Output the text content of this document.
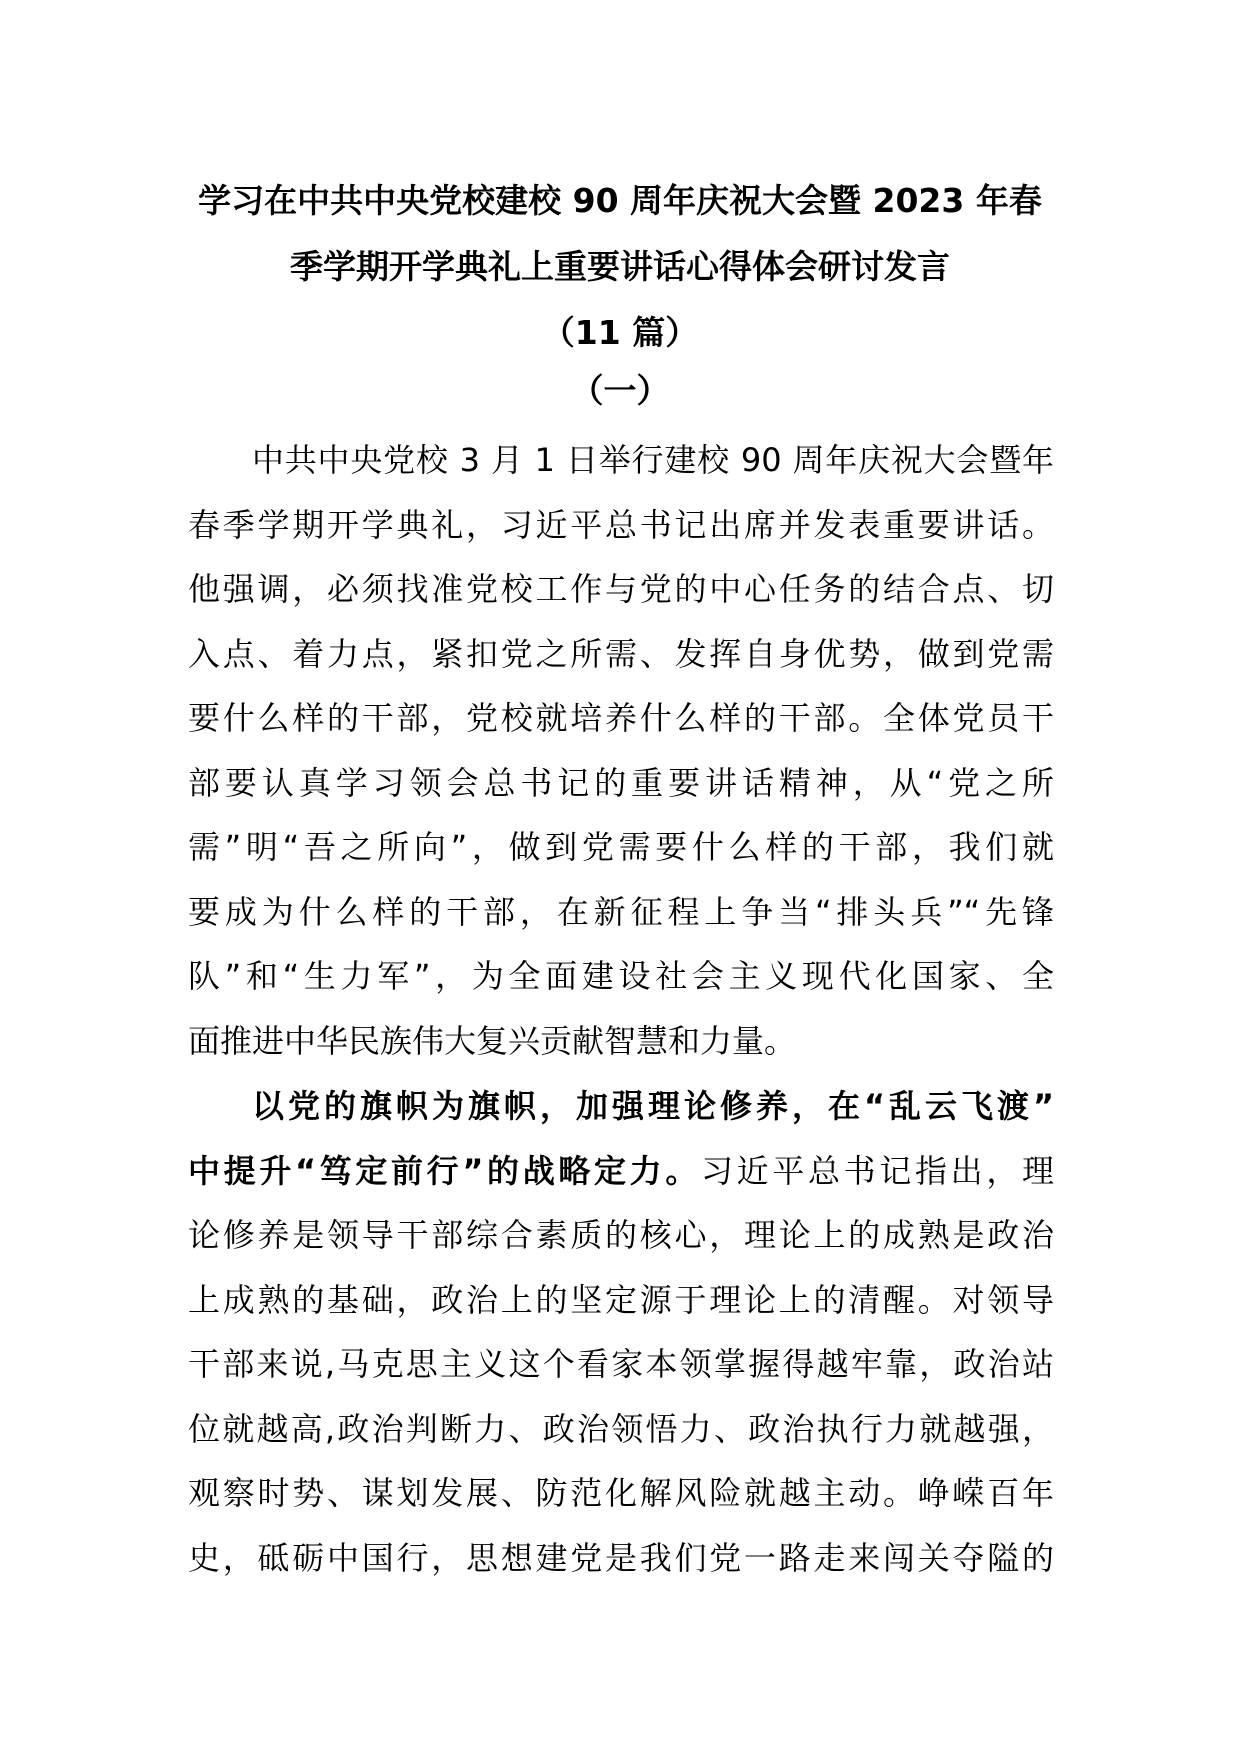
学习在中共中央党校建校 90 周年庆祝大会暨 2023 年春
季学期开学典礼上重要讲话心得体会研讨发言
（11 篇）
（一）
中共中央党校 3 月 1 日举行建校 90 周年庆祝大会暨年
春季学期开学典礼，习近平总书记出席并发表重要讲话。
他强调，必须找准党校工作与党的中心任务的结合点、切
入点、着力点，紧扣党之所需、发挥自身优势，做到党需
要什么样的干部，党校就培养什么样的干部。全体党员干
部要认真学习领会总书记的重要讲话精神，从“党之所
需”明“吾之所向”，做到党需要什么样的干部，我们就
要成为什么样的干部，在新征程上争当“排头兵”“先锋
队”和“生力军”，为全面建设社会主义现代化国家、全
面推进中华民族伟大复兴贡献智慧和力量。
以党的旗帜为旗帜，加强理论修养，在“乱云飞渡”
中提升“笃定前行”的战略定力。习近平总书记指出，理
论修养是领导干部综合素质的核心，理论上的成熟是政治
上成熟的基础，政治上的坚定源于理论上的清醒。对领导
干部来说,马克思主义这个看家本领掌握得越牢靠，政治站
位就越高,政治判断力、政治领悟力、政治执行力就越强，
观察时势、谋划发展、防范化解风险就越主动。峥嵘百年
史，砥砺中国行，思想建党是我们党一路走来闯关夺隘的
